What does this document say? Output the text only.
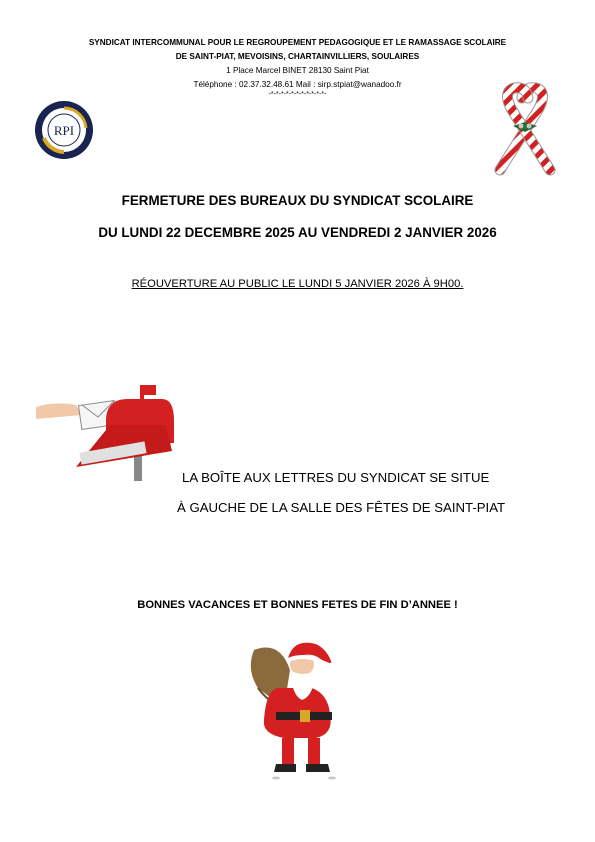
SYNDICAT INTERCOMMUNAL POUR LE REGROUPEMENT PEDAGOGIQUE ET LE RAMASSAGE SCOLAIRE
DE SAINT-PIAT, MEVOISINS, CHARTAINVILLIERS, SOULAIRES
1 Place Marcel BINET 28130 Saint Piat
Téléphone : 02.37.32.48.61 Mail : sirp.stpiat@wanadoo.fr
-*-*-*-*-*-*-*-*-*-*-*-
RPI
FERMETURE DES BUREAUX DU SYNDICAT SCOLAIRE
DU LUNDI 22 DECEMBRE 2025 AU VENDREDI 2 JANVIER 2026
RÉOUVERTURE AU PUBLIC LE LUNDI 5 JANVIER 2026 À 9H00.
LA BOÎTE AUX LETTRES DU SYNDICAT SE SITUE
À GAUCHE DE LA SALLE DES FÊTES DE SAINT-PIAT
BONNES VACANCES ET BONNES FETES DE FIN D’ANNEE !
